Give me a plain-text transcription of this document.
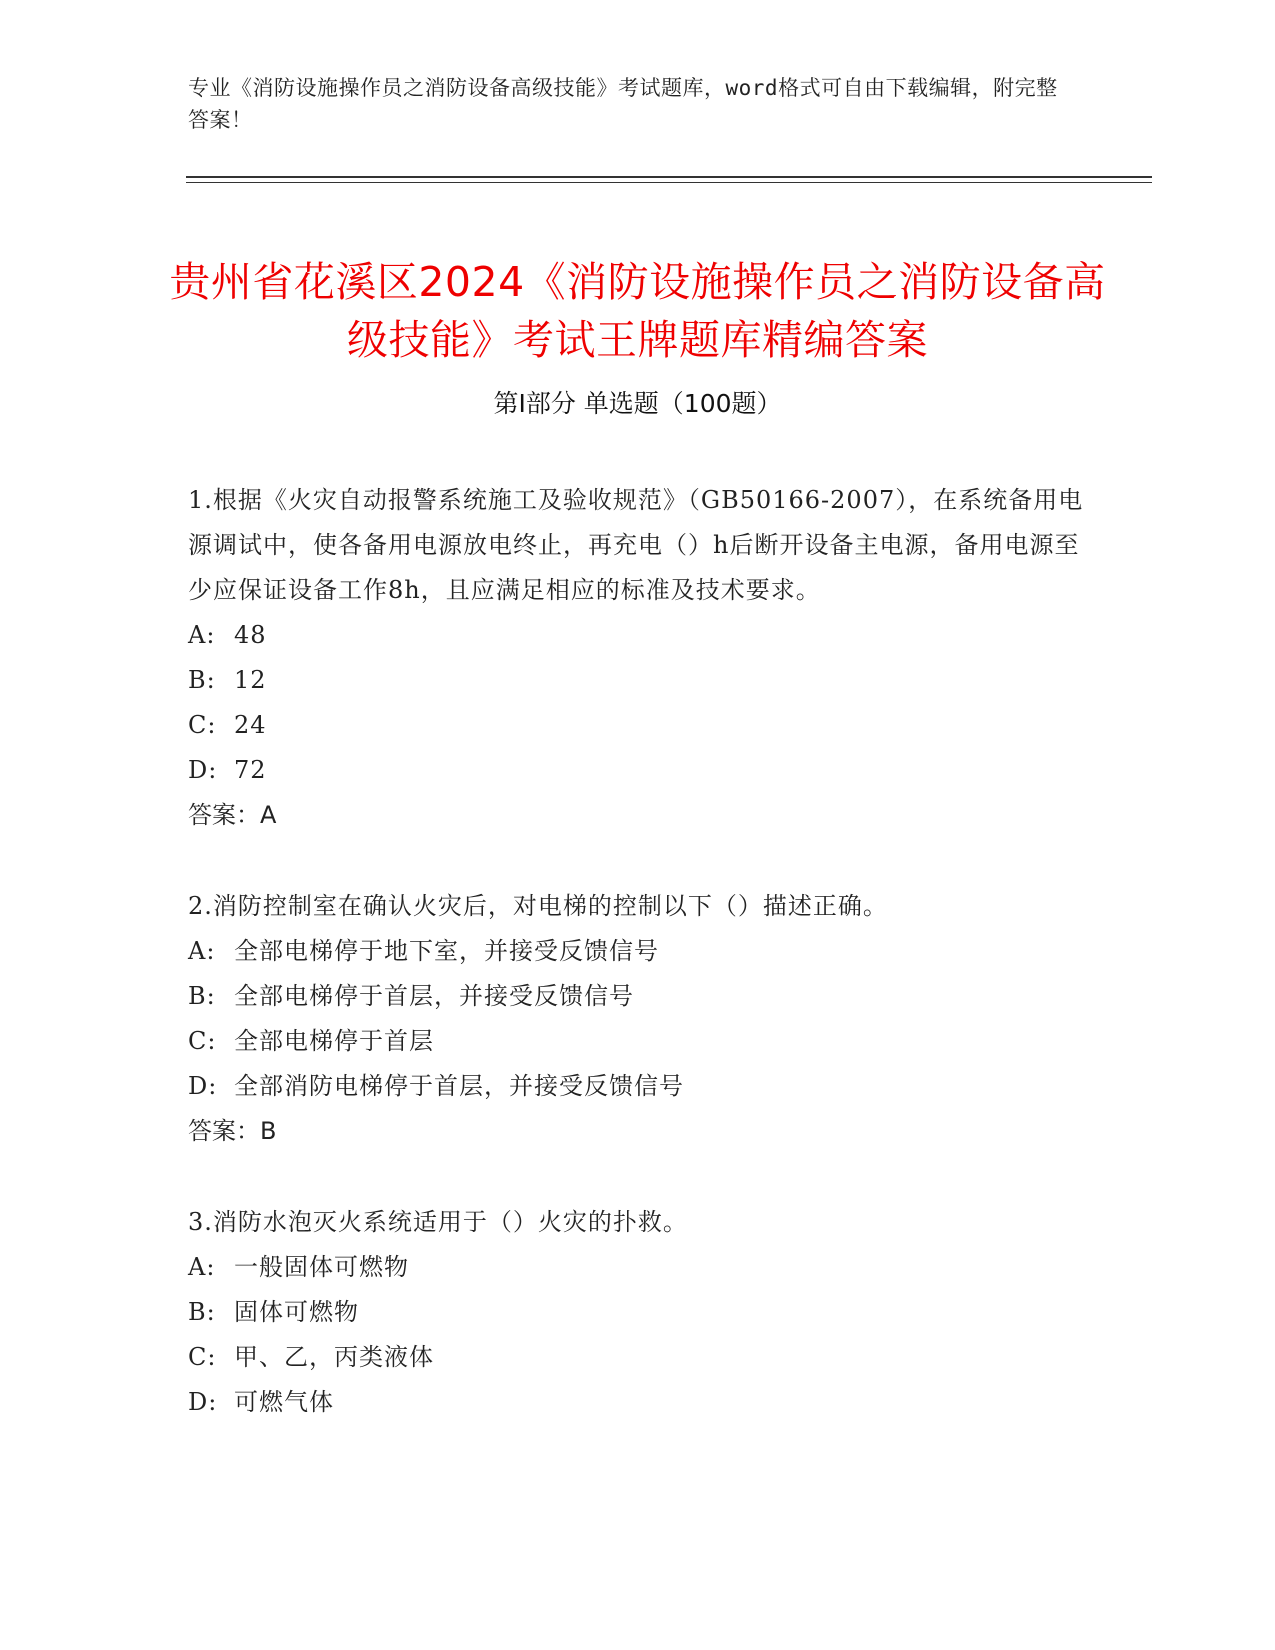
专业《消防设施操作员之消防设备高级技能》考试题库，word格式可自由下载编辑，附完整答案！
贵州省花溪区2024《消防设施操作员之消防设备高级技能》考试王牌题库精编答案
第Ⅰ部分 单选题（100题）
1.根据《火灾自动报警系统施工及验收规范》（GB50166-2007），在系统备用电源调试中，使各备用电源放电终止，再充电（）h后断开设备主电源，备用电源至少应保证设备工作8h，且应满足相应的标准及技术要求。
A: 48
B: 12
C: 24
D: 72
答案：A
2.消防控制室在确认火灾后，对电梯的控制以下（）描述正确。
A: 全部电梯停于地下室，并接受反馈信号
B: 全部电梯停于首层，并接受反馈信号
C: 全部电梯停于首层
D: 全部消防电梯停于首层，并接受反馈信号
答案：B
3.消防水泡灭火系统适用于（）火灾的扑救。
A: 一般固体可燃物
B: 固体可燃物
C: 甲、乙，丙类液体
D: 可燃气体
